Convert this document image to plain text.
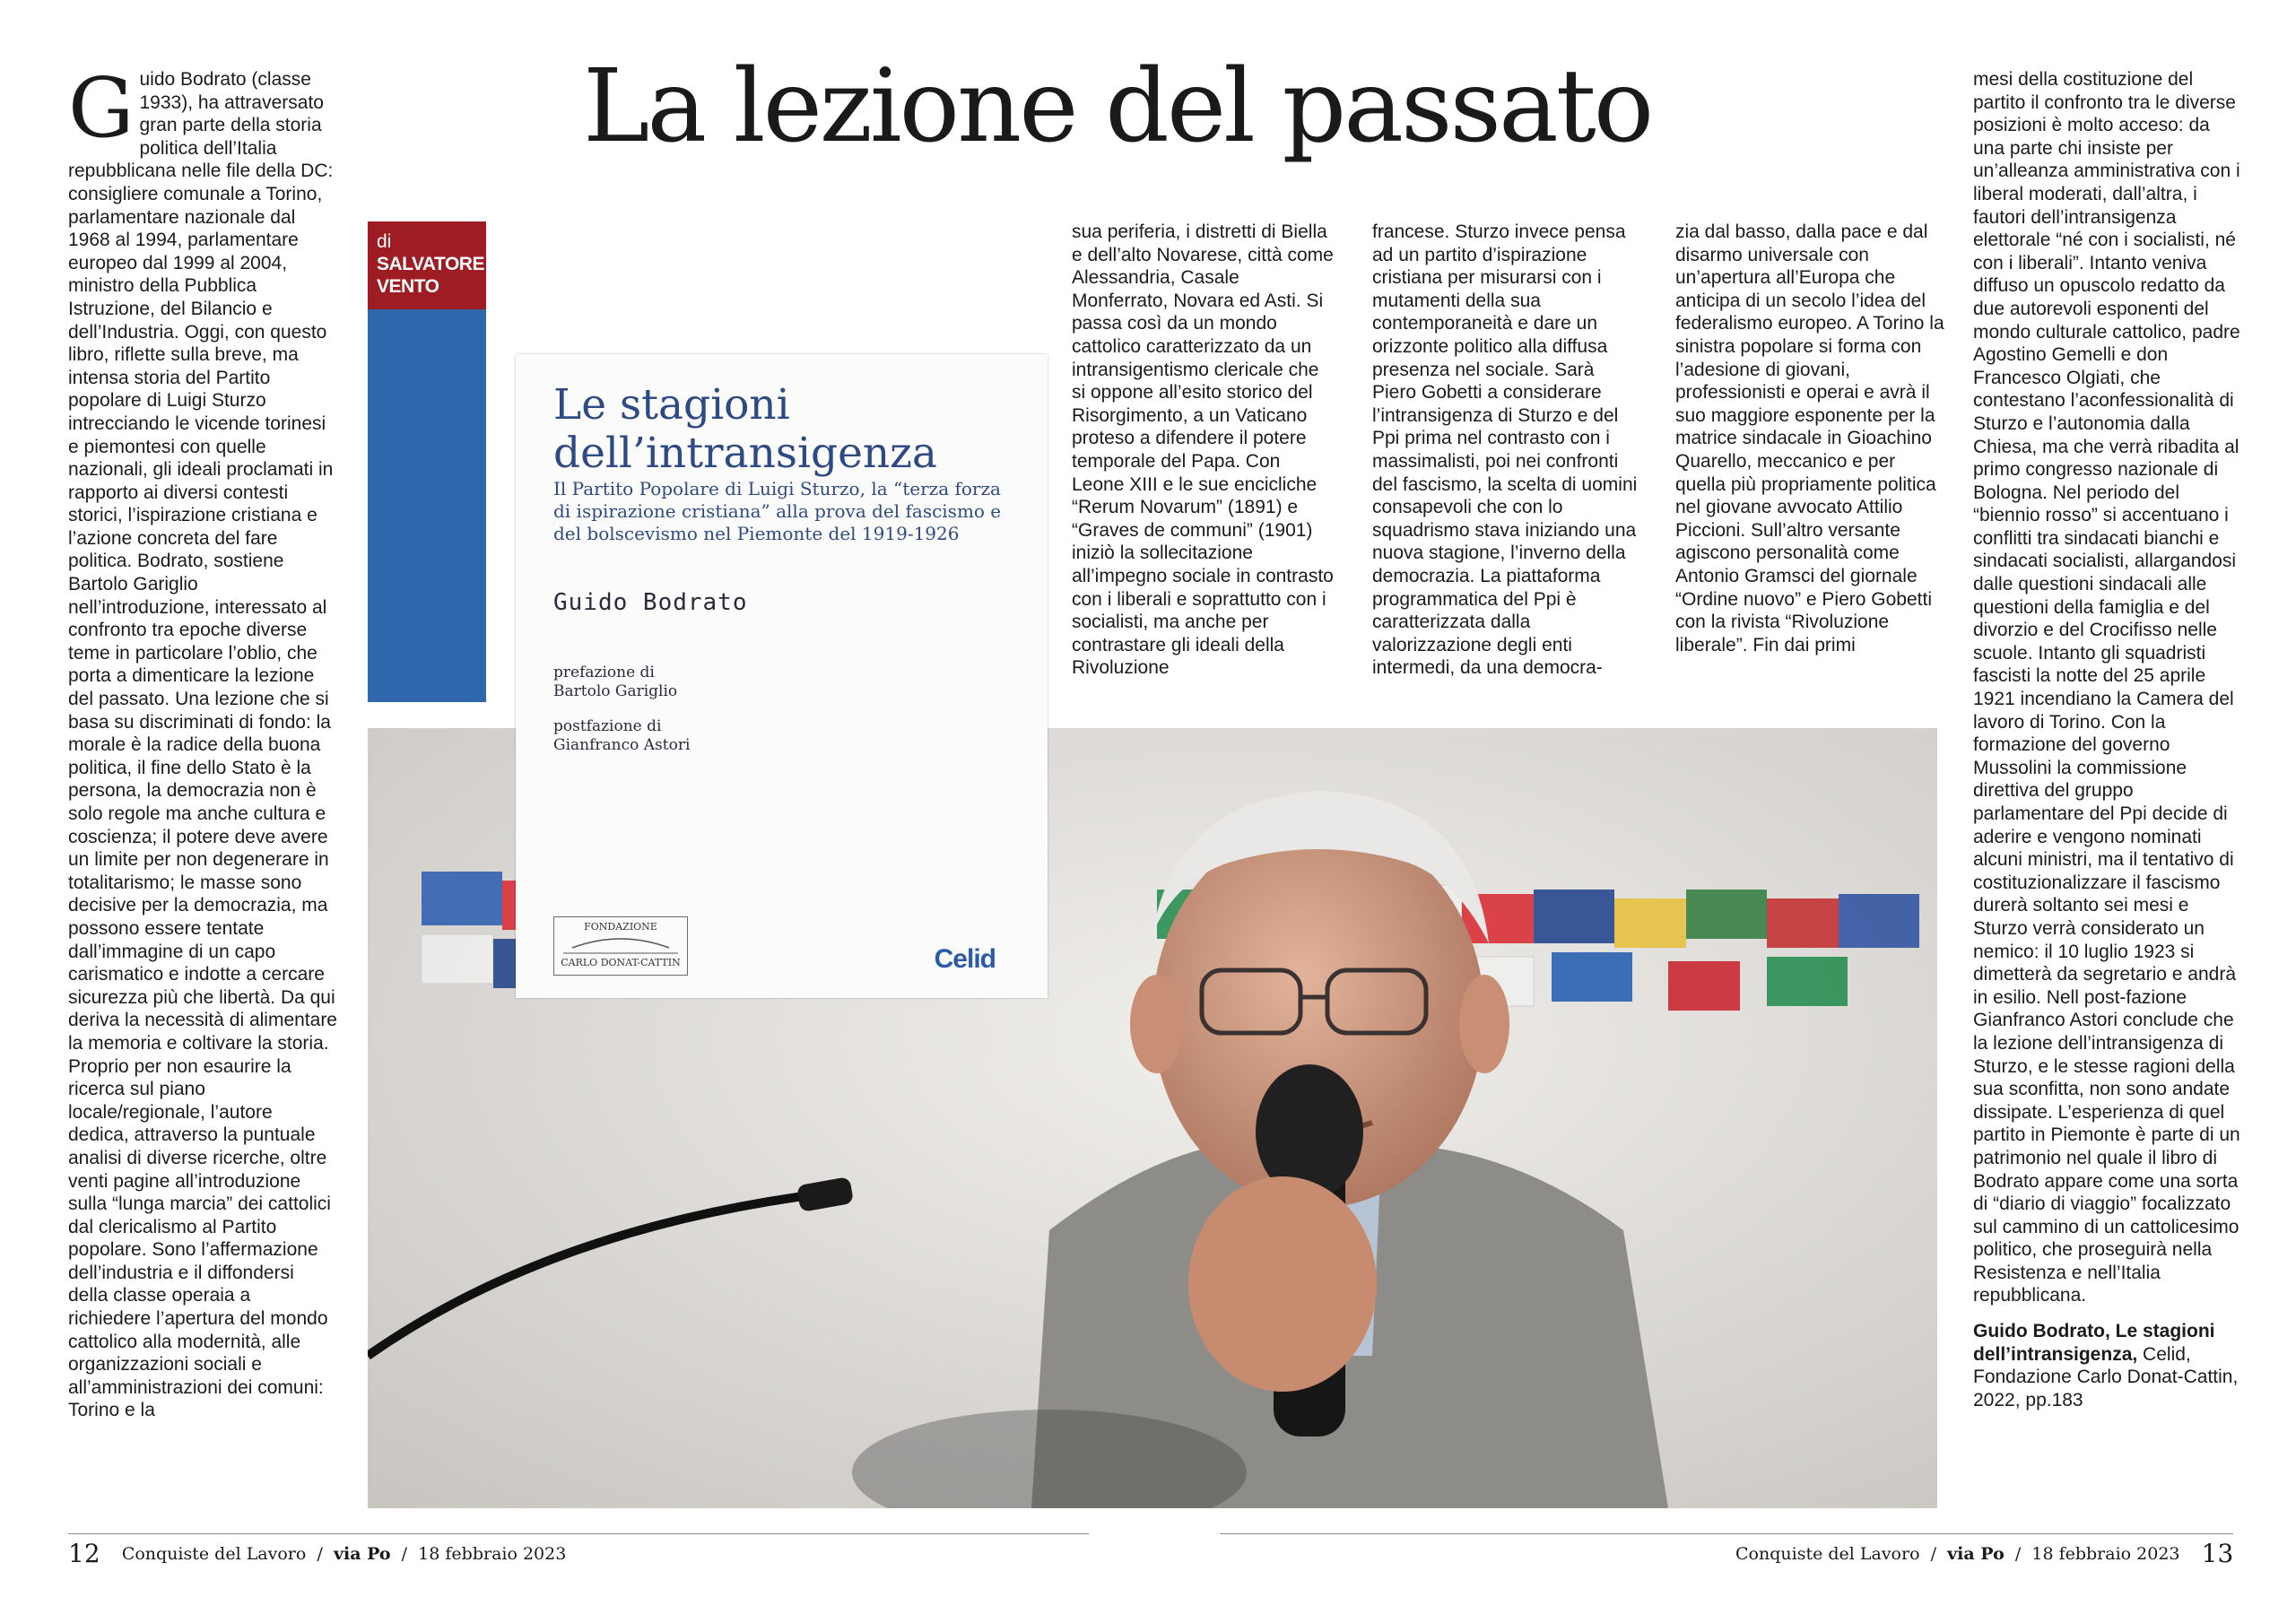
La lezione del passato
G uido Bodrato (classe 1933), ha attraversato gran parte della storia politica dell’Italia repubblicana nelle file della DC: consigliere comunale a Torino, parlamentare nazionale dal 1968 al 1994, parlamentare europeo dal 1999 al 2004, ministro della Pubblica Istruzione, del Bilancio e dell’Industria. Oggi, con questo libro, riflette sulla breve, ma intensa storia del Partito popolare di Luigi Sturzo intrecciando le vicende torinesi e piemontesi con quelle nazionali, gli ideali proclamati in rapporto ai diversi contesti storici, l’ispirazione cristiana e l’azione concreta del fare politica. Bodrato, sostiene Bartolo Gariglio nell’introduzione, interessato al confronto tra epoche diverse teme in particolare l’oblio, che porta a dimenticare la lezione del passato. Una lezione che si basa su discriminati di fondo: la morale è la radice della buona politica, il fine dello Stato è la persona, la democrazia non è solo regole ma anche cultura e coscienza; il potere deve avere un limite per non degenerare in totalitarismo; le masse sono decisive per la democrazia, ma possono essere tentate dall’immagine di un capo carismatico e indotte a cercare sicurezza più che libertà. Da qui deriva la necessità di alimentare la memoria e coltivare la storia. Proprio per non esaurire la ricerca sul piano locale/regionale, l’autore dedica, attraverso la puntuale analisi di diverse ricerche, oltre venti pagine all’introduzione sulla “lunga marcia” dei cattolici dal clericalismo al Partito popolare. Sono l’affermazione dell’industria e il diffondersi della classe operaia a richiedere l’apertura del mondo cattolico alla modernità, alle organizzazioni sociali e all’amministrazioni dei comuni: Torino e la
di
SALVATORE VENTO
sua periferia, i distretti di Biella e dell’alto Novarese, città come Alessandria, Casale Monferrato, Novara ed Asti. Si passa così da un mondo cattolico caratterizzato da un intransigentismo clericale che si oppone all’esito storico del Risorgimento, a un Vaticano proteso a difendere il potere temporale del Papa. Con Leone XIII e le sue encicliche “Rerum Novarum” (1891) e “Graves de communi” (1901) iniziò la sollecitazione all’impegno sociale in contrasto con i liberali e soprattutto con i socialisti, ma anche per contrastare gli ideali della Rivoluzione
francese. Sturzo invece pensa ad un partito d’ispirazione cristiana per misurarsi con i mutamenti della sua contemporaneità e dare un orizzonte politico alla diffusa presenza nel sociale. Sarà Piero Gobetti a considerare l’intransigenza di Sturzo e del Ppi prima nel contrasto con i massimalisti, poi nei confronti del fascismo, la scelta di uomini consapevoli che con lo squadrismo stava iniziando una nuova stagione, l’inverno della democrazia. La piattaforma programmatica del Ppi è caratterizzata dalla valorizzazione degli enti intermedi, da una democra-
zia dal basso, dalla pace e dal disarmo universale con un’apertura all’Europa che anticipa di un secolo l’idea del federalismo europeo. A Torino la sinistra popolare si forma con l’adesione di giovani, professionisti e operai e avrà il suo maggiore esponente per la matrice sindacale in Gioachino Quarello, meccanico e per quella più propriamente politica nel giovane avvocato Attilio Piccioni. Sull’altro versante agiscono personalità come Antonio Gramsci del giornale “Ordine nuovo” e Piero Gobetti con la rivista “Rivoluzione liberale”. Fin dai primi

mesi della costituzione del partito il confronto tra le diverse posizioni è molto acceso: da una parte chi insiste per un’alleanza amministrativa con i liberal moderati, dall’altra, i fautori dell’intransigenza elettorale “né con i socialisti, né con i liberali”. Intanto veniva diffuso un opuscolo redatto da due autorevoli esponenti del mondo culturale cattolico, padre Agostino Gemelli e don Francesco Olgiati, che contestano l’aconfessionalità di Sturzo e l’autonomia dalla Chiesa, ma che verrà ribadita al primo congresso nazionale di Bologna. Nel periodo del “biennio rosso” si accentuano i conflitti tra sindacati bianchi e sindacati socialisti, allargandosi dalle questioni sindacali alle questioni della famiglia e del divorzio e del Crocifisso nelle scuole. Intanto gli squadristi fascisti la notte del 25 aprile 1921 incendiano la Camera del lavoro di Torino. Con la formazione del governo Mussolini la commissione direttiva del gruppo parlamentare del Ppi decide di aderire e vengono nominati alcuni ministri, ma il tentativo di costituzionalizzare il fascismo durerà soltanto sei mesi e Sturzo verrà considerato un nemico: il 10 luglio 1923 si dimetterà da segretario e andrà in esilio. Nell post-fazione Gianfranco Astori conclude che la lezione dell’intransigenza di Sturzo, e le stesse ragioni della sua sconfitta, non sono andate dissipate. L’esperienza di quel partito in Piemonte è parte di un patrimonio nel quale il libro di Bodrato appare come una sorta di “diario di viaggio” focalizzato sul cammino di un cattolicesimo politico, che proseguirà nella Resistenza e nell’Italia repubblicana.

Guido Bodrato, Le stagioni dell’intransigenza, Celid, Fondazione Carlo Donat-Cattin, 2022, pp.183

Le stagioni
dell’intransigenza
Il Partito Popolare di Luigi Sturzo, la “terza forza di ispirazione cristiana” alla prova del fascismo e del bolscevismo nel Piemonte del 1919-1926
Guido Bodrato
prefazione di
Bartolo Gariglio
postfazione di
Gianfranco Astori
FONDAZIONE
CARLO DONAT-CATTIN	Celid
12 Conquiste del Lavoro / via Po / 18 febbraio 2023	Conquiste del Lavoro / via Po / 18 febbraio 2023 13
